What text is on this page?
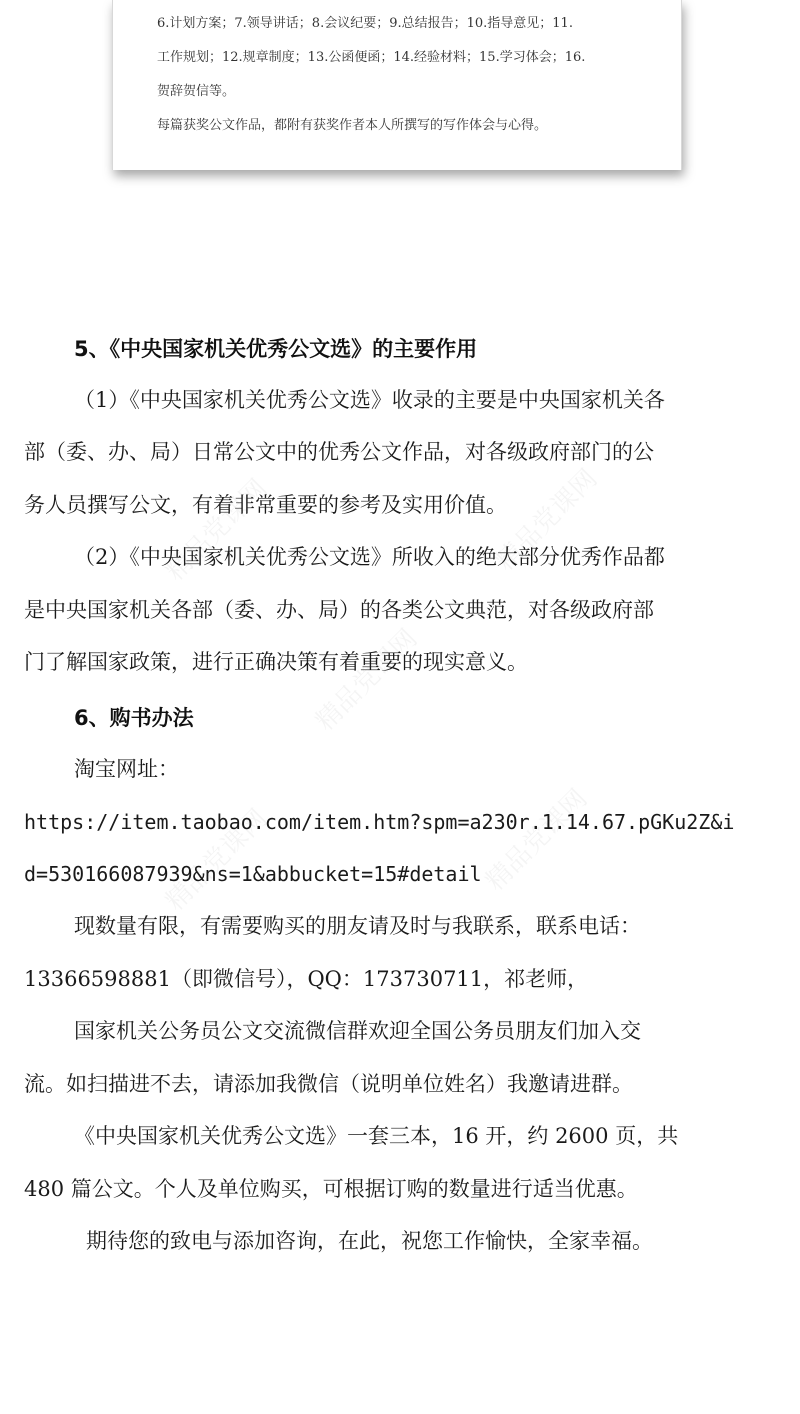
6.计划方案；7.领导讲话；8.会议纪要；9.总结报告；10.指导意见；11.

工作规划；12.规章制度；13.公函便函；14.经验材料；15.学习体会；16.

贺辞贺信等。

每篇获奖公文作品，都附有获奖作者本人所撰写的写作体会与心得。

5、《中央国家机关优秀公文选》的主要作用

（1）《中央国家机关优秀公文选》收录的主要是中央国家机关各

部（委、办、局）日常公文中的优秀公文作品，对各级政府部门的公

务人员撰写公文，有着非常重要的参考及实用价值。

（2）《中央国家机关优秀公文选》所收入的绝大部分优秀作品都

是中央国家机关各部（委、办、局）的各类公文典范，对各级政府部

门了解国家政策，进行正确决策有着重要的现实意义。

6、购书办法

淘宝网址：

https://item.taobao.com/item.htm?spm=a230r.1.14.67.pGKu2Z&i

d=530166087939&ns=1&abbucket=15#detail

现数量有限，有需要购买的朋友请及时与我联系，联系电话：

13366598881（即微信号），QQ：173730711，祁老师，

国家机关公务员公文交流微信群欢迎全国公务员朋友们加入交

流。如扫描进不去，请添加我微信（说明单位姓名）我邀请进群。

《中央国家机关优秀公文选》一套三本，16 开，约 2600 页，共

480 篇公文。个人及单位购买，可根据订购的数量进行适当优惠。

期待您的致电与添加咨询，在此，祝您工作愉快，全家幸福。
